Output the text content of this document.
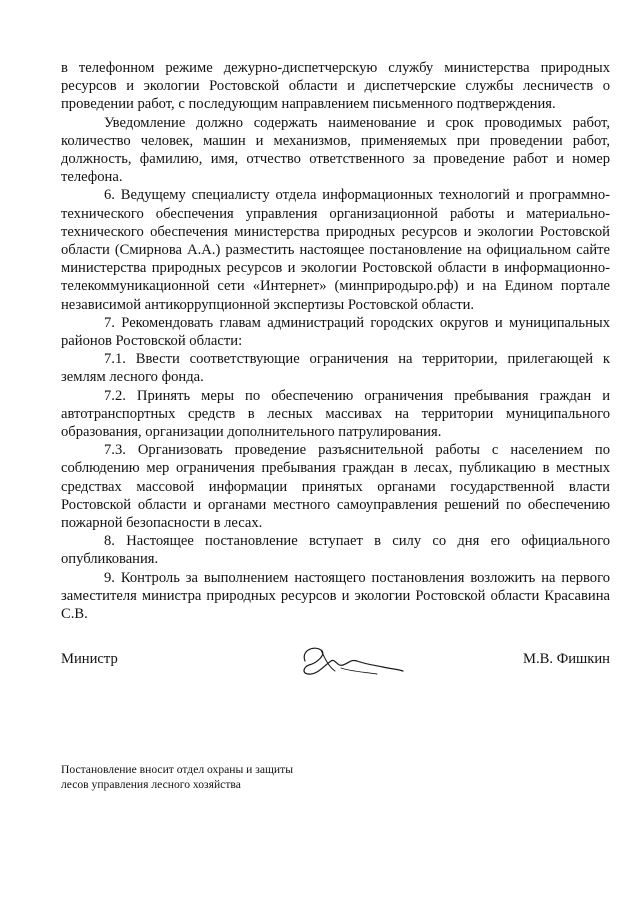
в телефонном режиме дежурно-диспетчерскую службу министерства природных ресурсов и экологии Ростовской области и диспетчерские службы лесничеств о проведении работ, с последующим направлением письменного подтверждения.

Уведомление должно содержать наименование и срок проводимых работ, количество человек, машин и механизмов, применяемых при проведении работ, должность, фамилию, имя, отчество ответственного за проведение работ и номер телефона.

6. Ведущему специалисту отдела информационных технологий и программно-технического обеспечения управления организационной работы и материально-технического обеспечения министерства природных ресурсов и экологии Ростовской области (Смирнова А.А.) разместить настоящее постановление на официальном сайте министерства природных ресурсов и экологии Ростовской области в информационно-телекоммуникационной сети «Интернет» (минприродыро.рф) и на Едином портале независимой антикоррупционной экспертизы Ростовской области.

7. Рекомендовать главам администраций городских округов и муниципальных районов Ростовской области:

7.1. Ввести соответствующие ограничения на территории, прилегающей к землям лесного фонда.

7.2. Принять меры по обеспечению ограничения пребывания граждан и автотранспортных средств в лесных массивах на территории муниципального образования, организации дополнительного патрулирования.

7.3. Организовать проведение разъяснительной работы с населением по соблюдению мер ограничения пребывания граждан в лесах, публикацию в местных средствах массовой информации принятых органами государственной власти Ростовской области и органами местного самоуправления решений по обеспечению пожарной безопасности в лесах.

8. Настоящее постановление вступает в силу со дня его официального опубликования.

9. Контроль за выполнением настоящего постановления возложить на первого заместителя министра природных ресурсов и экологии Ростовской области Красавина С.В.

Министр	М.В. Фишкин
Постановление вносит отдел охраны и защиты
лесов управления лесного хозяйства
